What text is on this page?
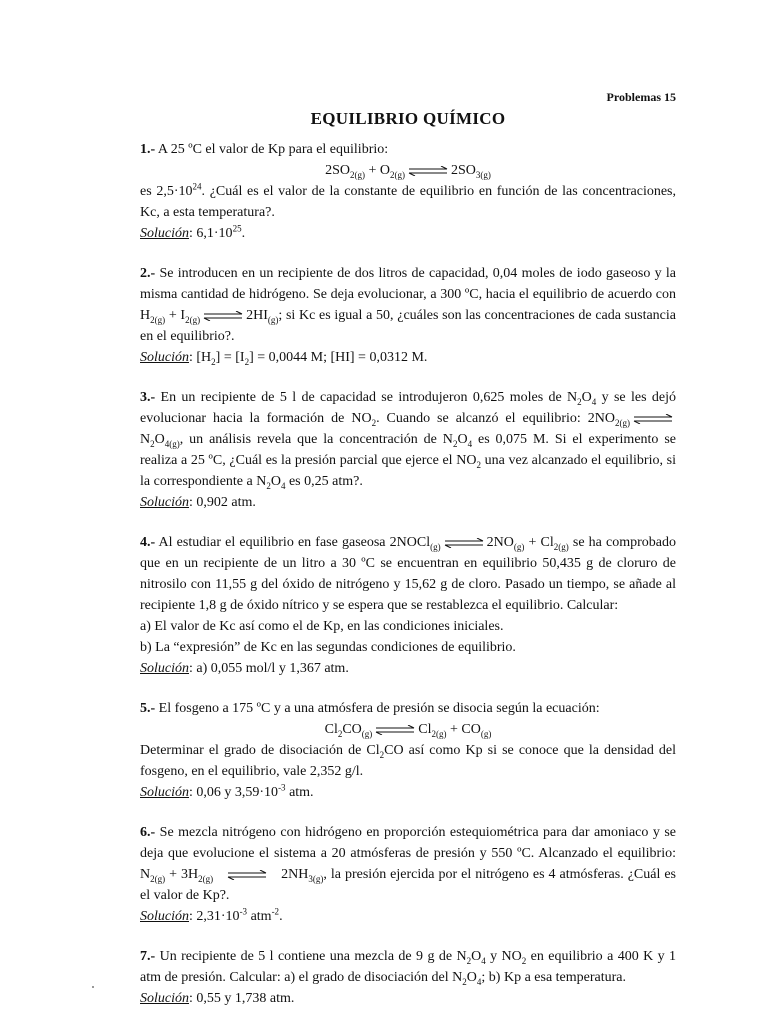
Problemas 15
EQUILIBRIO QUÍMICO
1.- A 25 ºC el valor de Kp para el equilibrio:
$2SO_{2(g)} + O_{2(g)}$ ⇌ $2SO_{3(g)}$
es $2,5\cdot 10^{24}$. ¿Cuál es el valor de la constante de equilibrio en función de las concentraciones, Kc, a esta temperatura?.
Solución: $6,1\cdot 10^{25}$.
2.- Se introducen en un recipiente de dos litros de capacidad, 0,04 moles de iodo gaseoso y la misma cantidad de hidrógeno. Se deja evolucionar, a 300 ºC, hacia el equilibrio de acuerdo con $H_{2(g)} + I_{2(g)}$ ⇌ $2HI_{(g)}$; si Kc es igual a 50, ¿cuáles son las concentraciones de cada sustancia en el equilibrio?.
Solución: $[H_2] = [I_2] = 0,0044$ M; [HI] = 0,0312 M.
3.- En un recipiente de 5 l de capacidad se introdujeron 0,625 moles de $N_2O_4$ y se les dejó evolucionar hacia la formación de $NO_2$. Cuando se alcanzó el equilibrio: $2NO_{2(g)}$ ⇌ $N_2O_{4(g)}$, un análisis revela que la concentración de $N_2O_4$ es 0,075 M. Si el experimento se realiza a 25 ºC, ¿Cuál es la presión parcial que ejerce el $NO_2$ una vez alcanzado el equilibrio, si la correspondiente a $N_2O_4$ es 0,25 atm?.
Solución: 0,902 atm.
4.- Al estudiar el equilibrio en fase gaseosa 2NOCl$_{(g)}$ ⇌ $2NO_{(g)} + Cl_{2(g)}$ se ha comprobado que en un recipiente de un litro a 30 ºC se encuentran en equilibrio 50,435 g de cloruro de nitrosilo con 11,55 g del óxido de nitrógeno y 15,62 g de cloro. Pasado un tiempo, se añade al recipiente 1,8 g de óxido nítrico y se espera que se restablezca el equilibrio. Calcular:
a) El valor de Kc así como el de Kp, en las condiciones iniciales.
b) La “expresión” de Kc en las segundas condiciones de equilibrio.
Solución: a) 0,055 mol/l y 1,367 atm.
5.- El fosgeno a 175 ºC y a una atmósfera de presión se disocia según la ecuación:
$Cl_2CO_{(g)}$ ⇌ $Cl_{2(g)} + CO_{(g)}$
Determinar el grado de disociación de $Cl_2CO$ así como Kp si se conoce que la densidad del fosgeno, en el equilibrio, vale 2,352 g/l.
Solución: 0,06 y $3,59\cdot 10^{-3}$ atm.
6.- Se mezcla nitrógeno con hidrógeno en proporción estequiométrica para dar amoniaco y se deja que evolucione el sistema a 20 atmósferas de presión y 550 ºC. Alcanzado el equilibrio: $N_{2(g)} + 3H_{2(g)}$ ⇌ $2NH_{3(g)}$, la presión ejercida por el nitrógeno es 4 atmósferas. ¿Cuál es el valor de Kp?.
Solución: $2,31\cdot 10^{-3}$ atm$^{-2}$.
7.- Un recipiente de 5 l contiene una mezcla de 9 g de $N_2O_4$ y $NO_2$ en equilibrio a 400 K y 1 atm de presión. Calcular: a) el grado de disociación del $N_2O_4$; b) Kp a esa temperatura.
Solución: 0,55 y 1,738 atm.
